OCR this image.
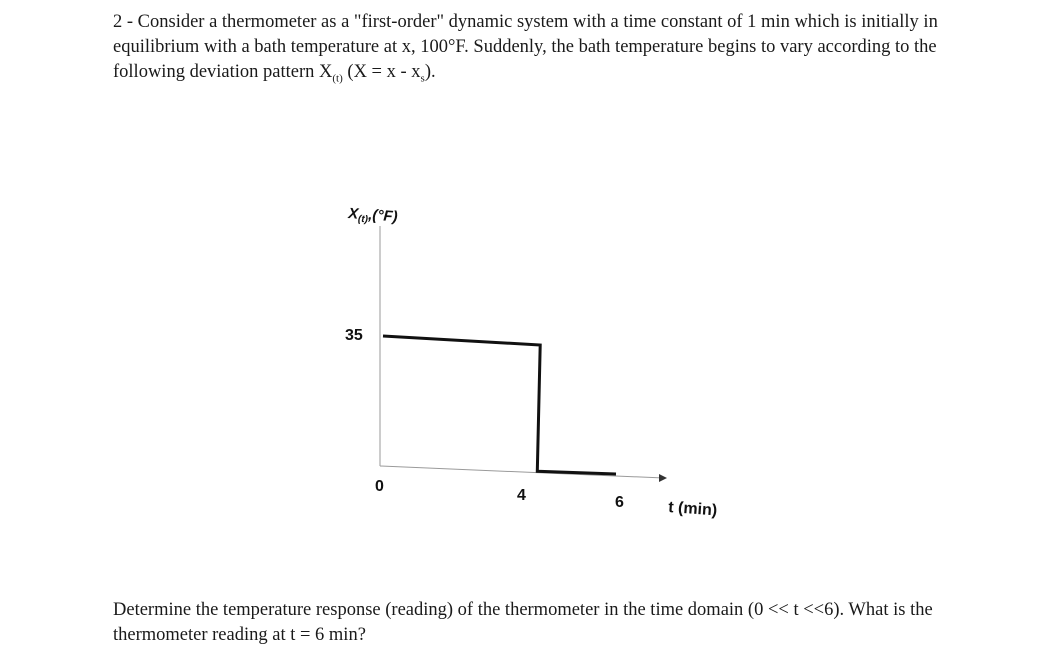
2 - Consider a thermometer as a "first-order" dynamic system with a time constant of 1 min which is initially in equilibrium with a bath temperature at x, 100°F. Suddenly, the bath temperature begins to vary according to the following deviation pattern $X_{(t)}$ $(X = x - x_s)$.
$X_{(t)},(^\circ F)$
35
0
4	6	t (min)
Determine the temperature response (reading) of the thermometer in the time domain (0 << t <<6). What is the thermometer reading at t = 6 min?
